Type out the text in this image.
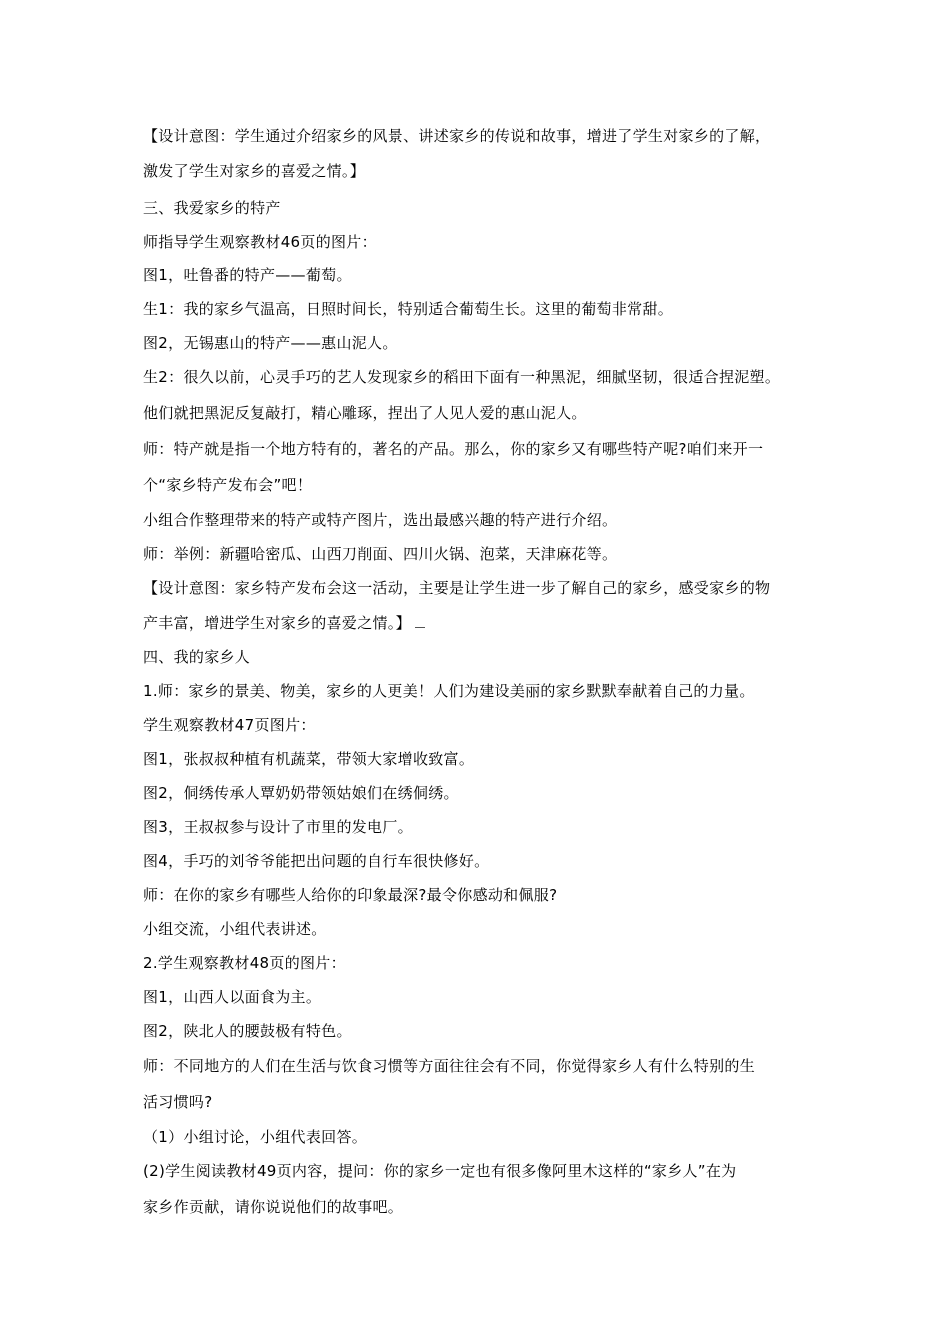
【设计意图：学生通过介绍家乡的风景、讲述家乡的传说和故事，增进了学生对家乡的了解，
激发了学生对家乡的喜爱之情。】
三、我爱家乡的特产
师指导学生观察教材46页的图片：
图1，吐鲁番的特产——葡萄。
生1：我的家乡气温高，日照时间长，特别适合葡萄生长。这里的葡萄非常甜。
图2，无锡惠山的特产——惠山泥人。
生2：很久以前，心灵手巧的艺人发现家乡的稻田下面有一种黑泥，细腻坚韧，很适合捏泥塑。
他们就把黑泥反复敲打，精心雕琢，捏出了人见人爱的惠山泥人。
师：特产就是指一个地方特有的，著名的产品。那么，你的家乡又有哪些特产呢?咱们来开一
个“家乡特产发布会”吧！
小组合作整理带来的特产或特产图片，选出最感兴趣的特产进行介绍。
师：举例：新疆哈密瓜、山西刀削面、四川火锅、泡菜，天津麻花等。
【设计意图：家乡特产发布会这一活动，主要是让学生进一步了解自己的家乡，感受家乡的物
产丰富，增进学生对家乡的喜爱之情。】
四、我的家乡人
1.师：家乡的景美、物美，家乡的人更美！人们为建设美丽的家乡默默奉献着自己的力量。
学生观察教材47页图片：
图1，张叔叔种植有机蔬菜，带领大家增收致富。
图2，侗绣传承人覃奶奶带领姑娘们在绣侗绣。
图3，王叔叔参与设计了市里的发电厂。
图4，手巧的刘爷爷能把出问题的自行车很快修好。
师：在你的家乡有哪些人给你的印象最深?最令你感动和佩服?
小组交流，小组代表讲述。
2.学生观察教材48页的图片：
图1，山西人以面食为主。
图2，陕北人的腰鼓极有特色。
师：不同地方的人们在生活与饮食习惯等方面往往会有不同，你觉得家乡人有什么特别的生
活习惯吗?
（1）小组讨论，小组代表回答。
(2)学生阅读教材49页内容，提问：你的家乡一定也有很多像阿里木这样的“家乡人”在为
家乡作贡献，请你说说他们的故事吧。
